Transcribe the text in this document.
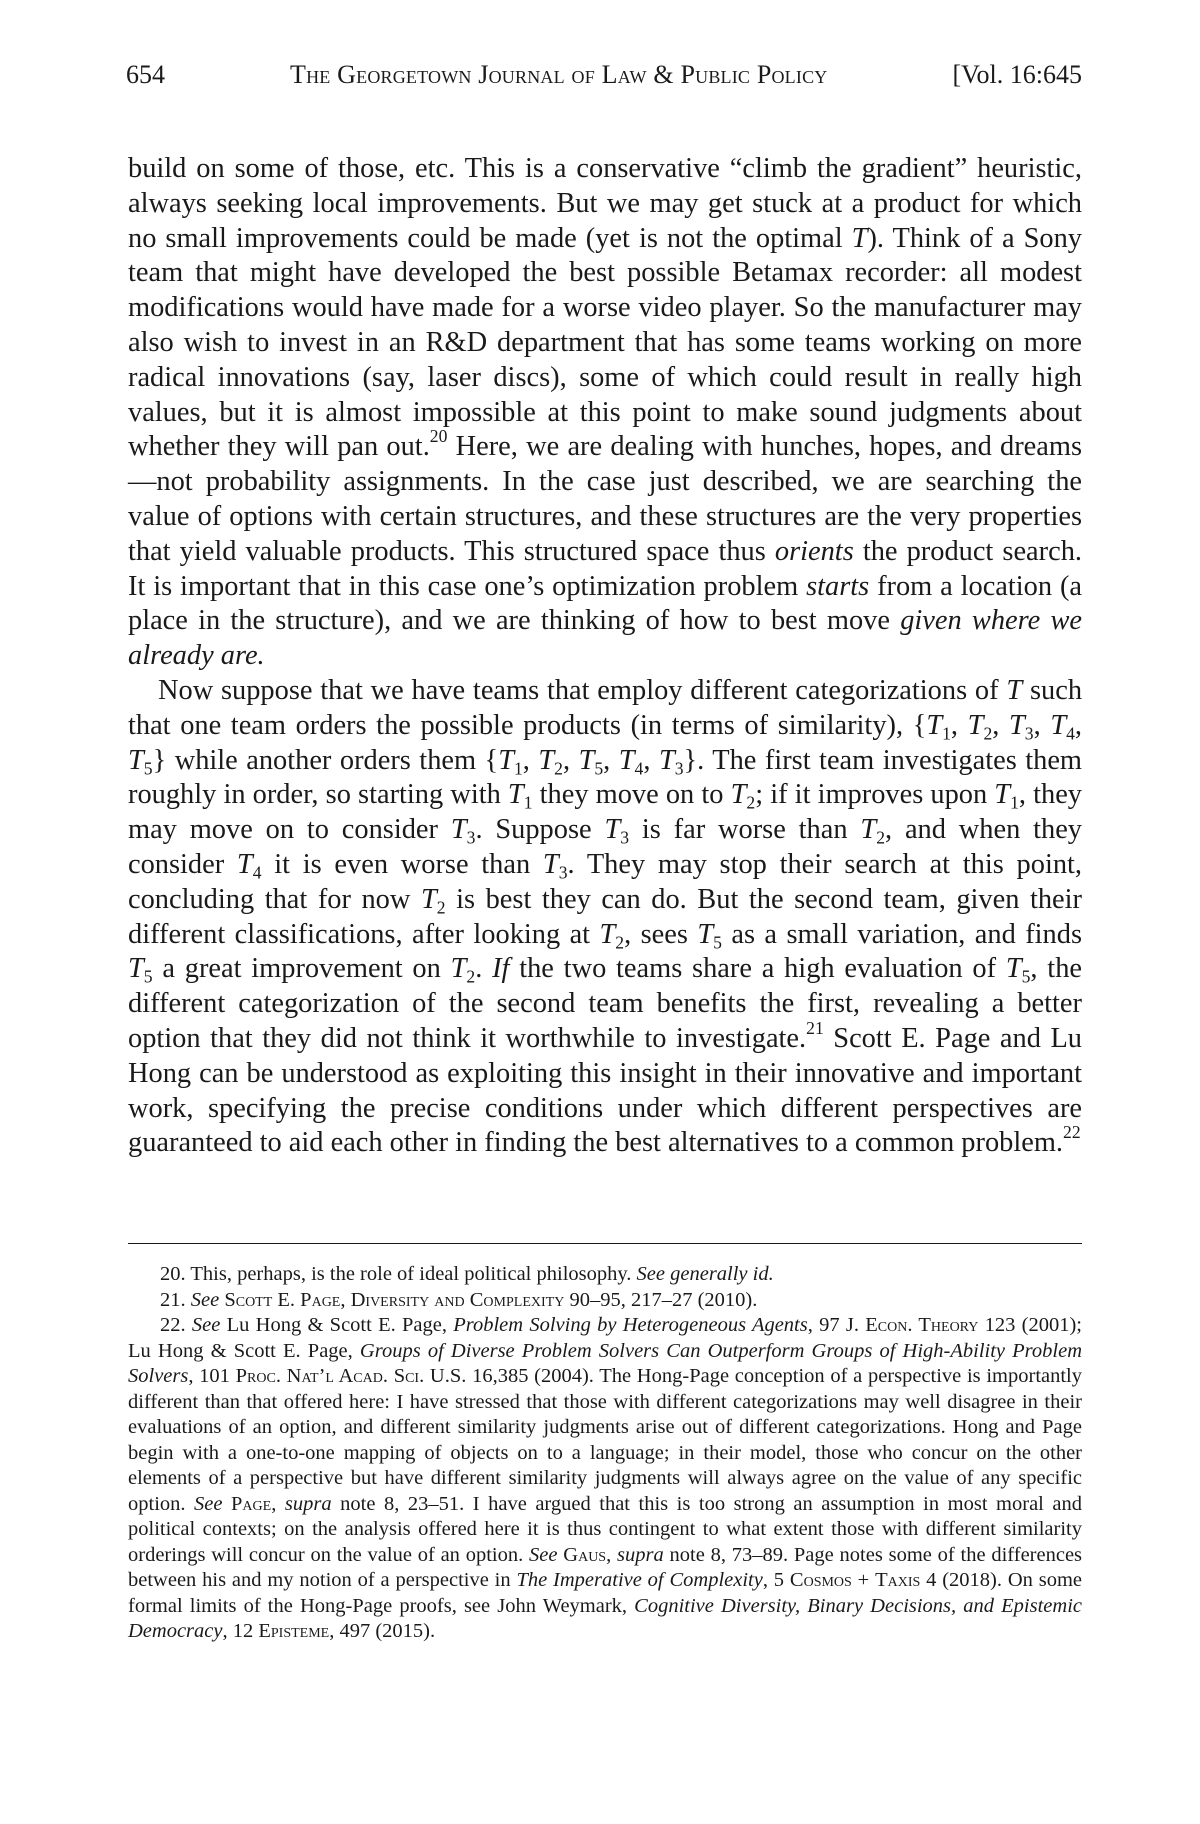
654	The Georgetown Journal of Law & Public Policy	[Vol. 16:645

build on some of those, etc. This is a conservative “climb the gradient” heuristic, always seeking local improvements. But we may get stuck at a product for which no small improvements could be made (yet is not the optimal T). Think of a Sony team that might have developed the best possible Betamax recorder: all modest modifications would have made for a worse video player. So the manufacturer may also wish to invest in an R&D department that has some teams working on more radical innovations (say, laser discs), some of which could result in really high values, but it is almost impossible at this point to make sound judgments about whether they will pan out.$^{20}$ Here, we are dealing with hunches, hopes, and dreams—not probability assignments. In the case just described, we are searching the value of options with certain structures, and these structures are the very properties that yield valuable products. This structured space thus orients the product search. It is important that in this case one’s optimization problem starts from a location (a place in the structure), and we are thinking of how to best move given where we already are.

Now suppose that we have teams that employ different categorizations of T such that one team orders the possible products (in terms of similarity), {$T_1$, $T_2$, $T_3$, $T_4$, $T_5$} while another orders them {$T_1$, $T_2$, $T_5$, $T_4$, $T_3$}. The first team investigates them roughly in order, so starting with $T_1$ they move on to $T_2$; if it improves upon $T_1$, they may move on to consider $T_3$. Suppose $T_3$ is far worse than $T_2$, and when they consider $T_4$ it is even worse than $T_3$. They may stop their search at this point, concluding that for now $T_2$ is best they can do. But the second team, given their different classifications, after looking at $T_2$, sees $T_5$ as a small variation, and finds $T_5$ a great improvement on $T_2$. If the two teams share a high evaluation of $T_5$, the different categorization of the second team benefits the first, revealing a better option that they did not think it worthwhile to investigate.$^{21}$ Scott E. Page and Lu Hong can be understood as exploiting this insight in their innovative and important work, specifying the precise conditions under which different perspectives are guaranteed to aid each other in finding the best alternatives to a common problem.$^{22}$

20. This, perhaps, is the role of ideal political philosophy. See generally id.

21. See Scott E. Page, Diversity and Complexity 90–95, 217–27 (2010).

22. See Lu Hong & Scott E. Page, Problem Solving by Heterogeneous Agents, 97 J. Econ. Theory 123 (2001); Lu Hong & Scott E. Page, Groups of Diverse Problem Solvers Can Outperform Groups of High-Ability Problem Solvers, 101 Proc. Nat’l Acad. Sci. U.S. 16,385 (2004). The Hong-Page conception of a perspective is importantly different than that offered here: I have stressed that those with different categorizations may well disagree in their evaluations of an option, and different similarity judgments arise out of different categorizations. Hong and Page begin with a one-to-one mapping of objects on to a language; in their model, those who concur on the other elements of a perspective but have different similarity judgments will always agree on the value of any specific option. See Page, supra note 8, 23–51. I have argued that this is too strong an assumption in most moral and political contexts; on the analysis offered here it is thus contingent to what extent those with different similarity orderings will concur on the value of an option. See Gaus, supra note 8, 73–89. Page notes some of the differences between his and my notion of a perspective in The Imperative of Complexity, 5 Cosmos + Taxis 4 (2018). On some formal limits of the Hong-Page proofs, see John Weymark, Cognitive Diversity, Binary Decisions, and Epistemic Democracy, 12 Episteme, 497 (2015).
